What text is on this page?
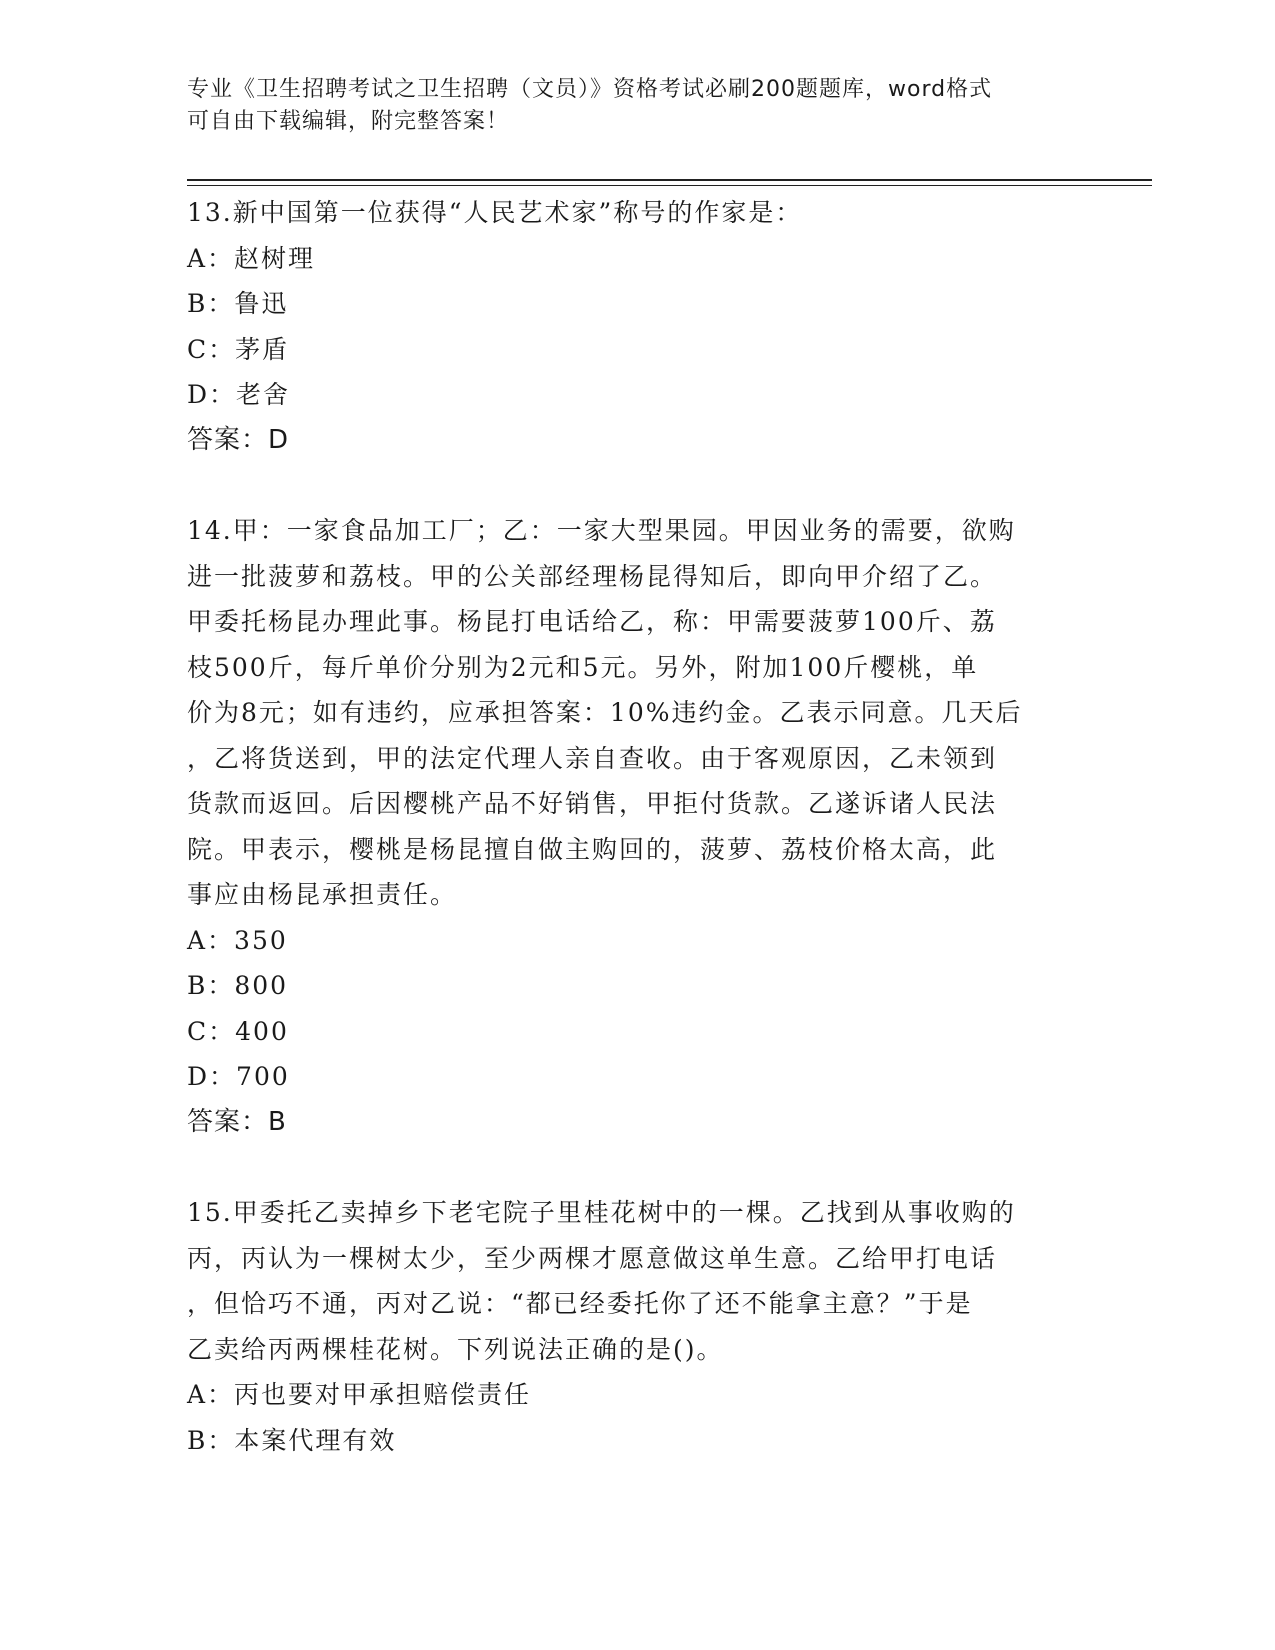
专业《卫生招聘考试之卫生招聘（文员）》资格考试必刷200题题库，word格式
可自由下载编辑，附完整答案！
13.新中国第一位获得“人民艺术家”称号的作家是：
A：赵树理
B：鲁迅
C：茅盾
D：老舍
答案：D
14.甲：一家食品加工厂；乙：一家大型果园。甲因业务的需要，欲购
进一批菠萝和荔枝。甲的公关部经理杨昆得知后，即向甲介绍了乙。
甲委托杨昆办理此事。杨昆打电话给乙，称：甲需要菠萝100斤、荔
枝500斤，每斤单价分别为2元和5元。另外，附加100斤樱桃，单
价为8元；如有违约，应承担答案：10%违约金。乙表示同意。几天后
，乙将货送到，甲的法定代理人亲自查收。由于客观原因，乙未领到
货款而返回。后因樱桃产品不好销售，甲拒付货款。乙遂诉诸人民法
院。甲表示，樱桃是杨昆擅自做主购回的，菠萝、荔枝价格太高，此
事应由杨昆承担责任。
A：350
B：800
C：400
D：700
答案：B
15.甲委托乙卖掉乡下老宅院子里桂花树中的一棵。乙找到从事收购的
丙，丙认为一棵树太少，至少两棵才愿意做这单生意。乙给甲打电话
，但恰巧不通，丙对乙说：“都已经委托你了还不能拿主意？”于是
乙卖给丙两棵桂花树。下列说法正确的是()。
A：丙也要对甲承担赔偿责任
B：本案代理有效
